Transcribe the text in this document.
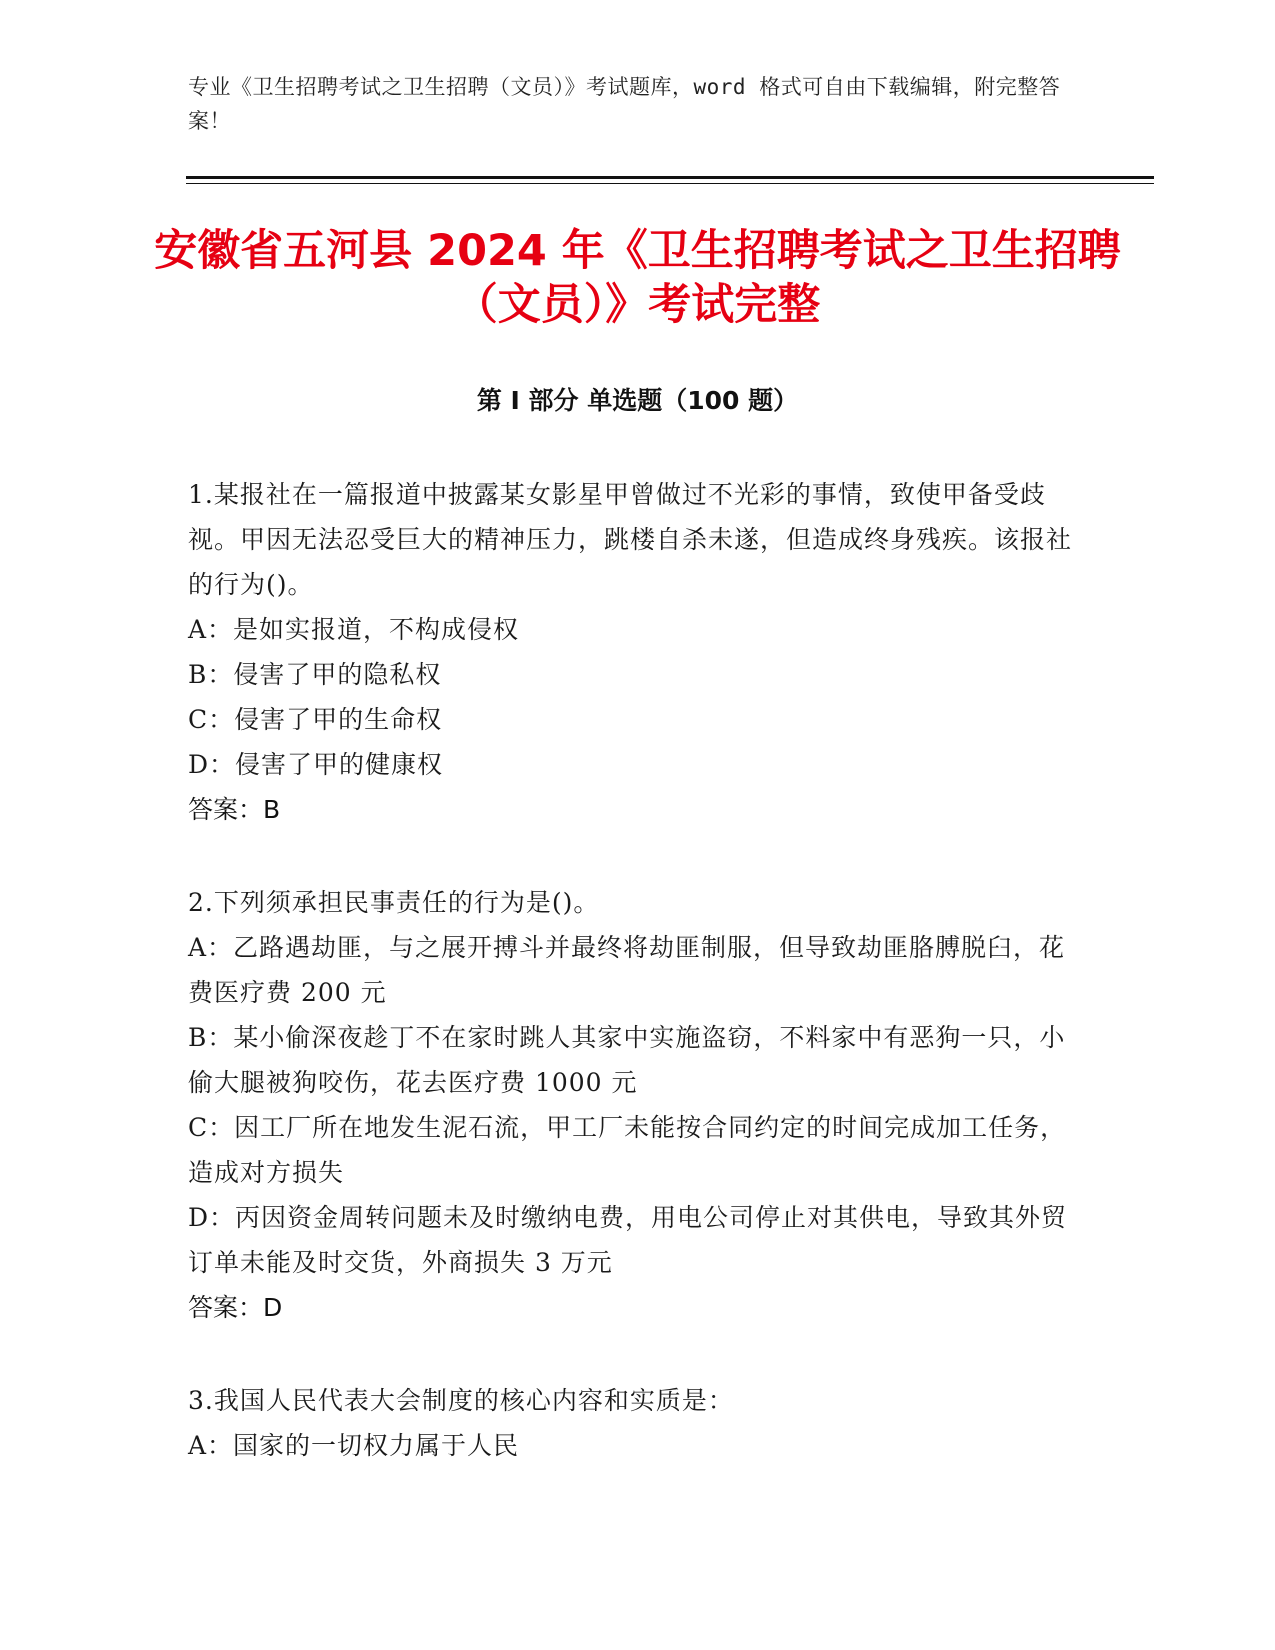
专业《卫生招聘考试之卫生招聘（文员）》考试题库，word 格式可自由下载编辑，附完整答案！
安徽省五河县 2024 年《卫生招聘考试之卫生招聘（文员）》考试完整
第 I 部分 单选题（100 题）
1.某报社在一篇报道中披露某女影星甲曾做过不光彩的事情，致使甲备受歧视。甲因无法忍受巨大的精神压力，跳楼自杀未遂，但造成终身残疾。该报社的行为()。
A：是如实报道，不构成侵权
B：侵害了甲的隐私权
C：侵害了甲的生命权
D：侵害了甲的健康权
答案：B
2.下列须承担民事责任的行为是()。
A：乙路遇劫匪，与之展开搏斗并最终将劫匪制服，但导致劫匪胳膊脱臼，花费医疗费 200 元
B：某小偷深夜趁丁不在家时跳人其家中实施盗窃，不料家中有恶狗一只，小偷大腿被狗咬伤，花去医疗费 1000 元
C：因工厂所在地发生泥石流，甲工厂未能按合同约定的时间完成加工任务，造成对方损失
D：丙因资金周转问题未及时缴纳电费，用电公司停止对其供电，导致其外贸订单未能及时交货，外商损失 3 万元
答案：D
3.我国人民代表大会制度的核心内容和实质是：
A：国家的一切权力属于人民
